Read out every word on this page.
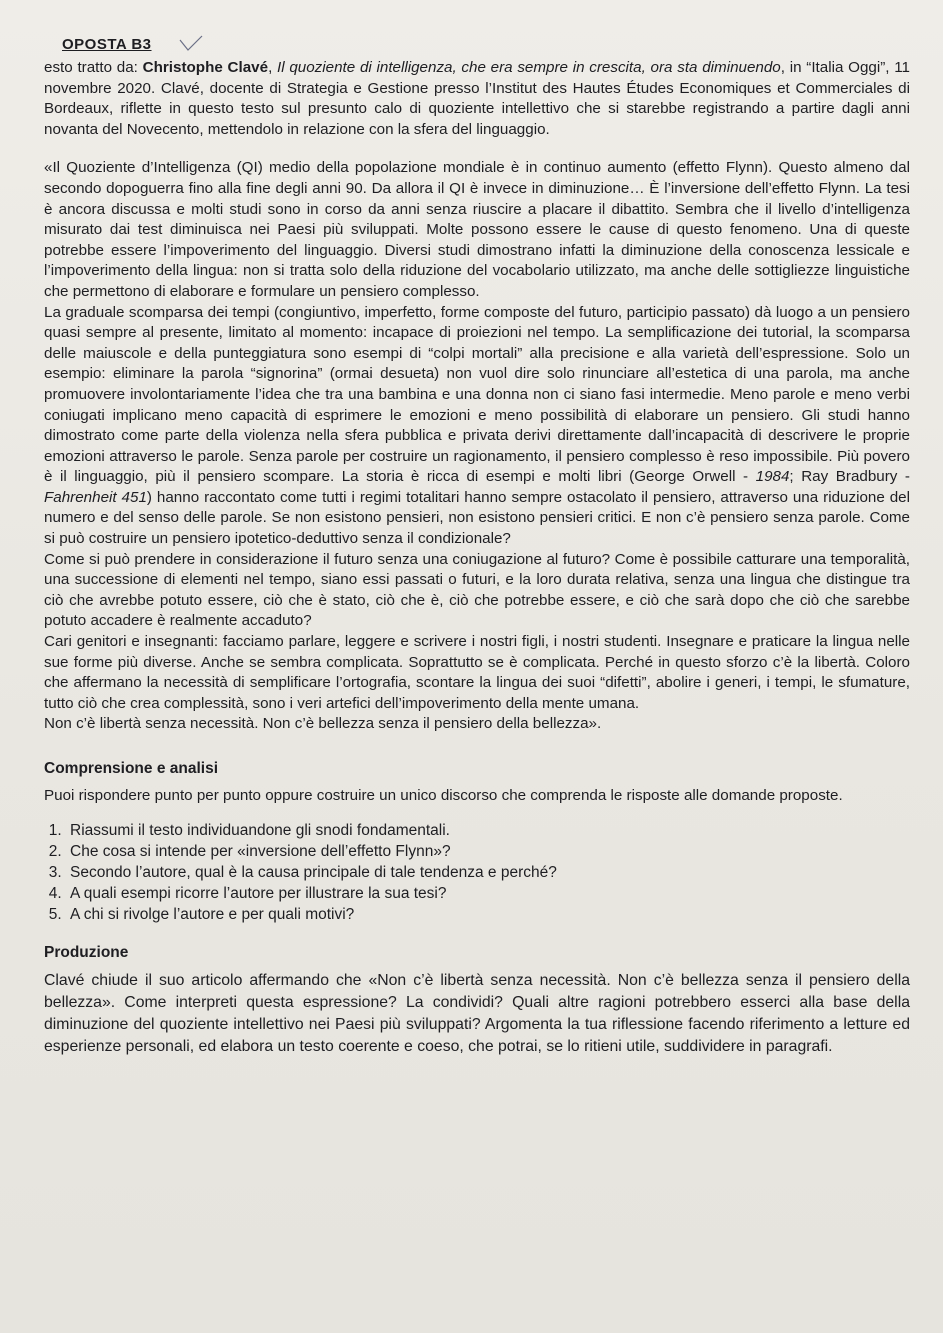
OPOSTA B3

esto tratto da: Christophe Clavé, Il quoziente di intelligenza, che era sempre in crescita, ora sta diminuendo, in “Italia Oggi”, 11 novembre 2020. Clavé, docente di Strategia e Gestione presso l’Institut des Hautes Études Economiques et Commerciales di Bordeaux, riflette in questo testo sul presunto calo di quoziente intellettivo che si starebbe registrando a partire dagli anni novanta del Novecento, mettendolo in relazione con la sfera del linguaggio.

«Il Quoziente d’Intelligenza (QI) medio della popolazione mondiale è in continuo aumento (effetto Flynn). Questo almeno dal secondo dopoguerra fino alla fine degli anni 90. Da allora il QI è invece in diminuzione… È l’inversione dell’effetto Flynn. La tesi è ancora discussa e molti studi sono in corso da anni senza riuscire a placare il dibattito. Sembra che il livello d’intelligenza misurato dai test diminuisca nei Paesi più sviluppati. Molte possono essere le cause di questo fenomeno. Una di queste potrebbe essere l’impoverimento del linguaggio. Diversi studi dimostrano infatti la diminuzione della conoscenza lessicale e l’impoverimento della lingua: non si tratta solo della riduzione del vocabolario utilizzato, ma anche delle sottigliezze linguistiche che permettono di elaborare e formulare un pensiero complesso.

La graduale scomparsa dei tempi (congiuntivo, imperfetto, forme composte del futuro, participio passato) dà luogo a un pensiero quasi sempre al presente, limitato al momento: incapace di proiezioni nel tempo. La semplificazione dei tutorial, la scomparsa delle maiuscole e della punteggiatura sono esempi di “colpi mortali” alla precisione e alla varietà dell’espressione. Solo un esempio: eliminare la parola “signorina” (ormai desueta) non vuol dire solo rinunciare all’estetica di una parola, ma anche promuovere involontariamente l’idea che tra una bambina e una donna non ci siano fasi intermedie. Meno parole e meno verbi coniugati implicano meno capacità di esprimere le emozioni e meno possibilità di elaborare un pensiero. Gli studi hanno dimostrato come parte della violenza nella sfera pubblica e privata derivi direttamente dall’incapacità di descrivere le proprie emozioni attraverso le parole. Senza parole per costruire un ragionamento, il pensiero complesso è reso impossibile. Più povero è il linguaggio, più il pensiero scompare. La storia è ricca di esempi e molti libri (George Orwell - 1984; Ray Bradbury - Fahrenheit 451) hanno raccontato come tutti i regimi totalitari hanno sempre ostacolato il pensiero, attraverso una riduzione del numero e del senso delle parole. Se non esistono pensieri, non esistono pensieri critici. E non c’è pensiero senza parole. Come si può costruire un pensiero ipotetico-deduttivo senza il condizionale?

Come si può prendere in considerazione il futuro senza una coniugazione al futuro? Come è possibile catturare una temporalità, una successione di elementi nel tempo, siano essi passati o futuri, e la loro durata relativa, senza una lingua che distingue tra ciò che avrebbe potuto essere, ciò che è stato, ciò che è, ciò che potrebbe essere, e ciò che sarà dopo che ciò che sarebbe potuto accadere è realmente accaduto?

Cari genitori e insegnanti: facciamo parlare, leggere e scrivere i nostri figli, i nostri studenti. Insegnare e praticare la lingua nelle sue forme più diverse. Anche se sembra complicata. Soprattutto se è complicata. Perché in questo sforzo c’è la libertà. Coloro che affermano la necessità di semplificare l’ortografia, scontare la lingua dei suoi “difetti”, abolire i generi, i tempi, le sfumature, tutto ciò che crea complessità, sono i veri artefici dell’impoverimento della mente umana.

Non c’è libertà senza necessità. Non c’è bellezza senza il pensiero della bellezza».

Comprensione e analisi

Puoi rispondere punto per punto oppure costruire un unico discorso che comprenda le risposte alle domande proposte.

1. Riassumi il testo individuandone gli snodi fondamentali.
2. Che cosa si intende per «inversione dell’effetto Flynn»?
3. Secondo l’autore, qual è la causa principale di tale tendenza e perché?
4. A quali esempi ricorre l’autore per illustrare la sua tesi?
5. A chi si rivolge l’autore e per quali motivi?

Produzione

Clavé chiude il suo articolo affermando che «Non c’è libertà senza necessità. Non c’è bellezza senza il pensiero della bellezza». Come interpreti questa espressione? La condividi? Quali altre ragioni potrebbero esserci alla base della diminuzione del quoziente intellettivo nei Paesi più sviluppati? Argomenta la tua riflessione facendo riferimento a letture ed esperienze personali, ed elabora un testo coerente e coeso, che potrai, se lo ritieni utile, suddividere in paragrafi.
